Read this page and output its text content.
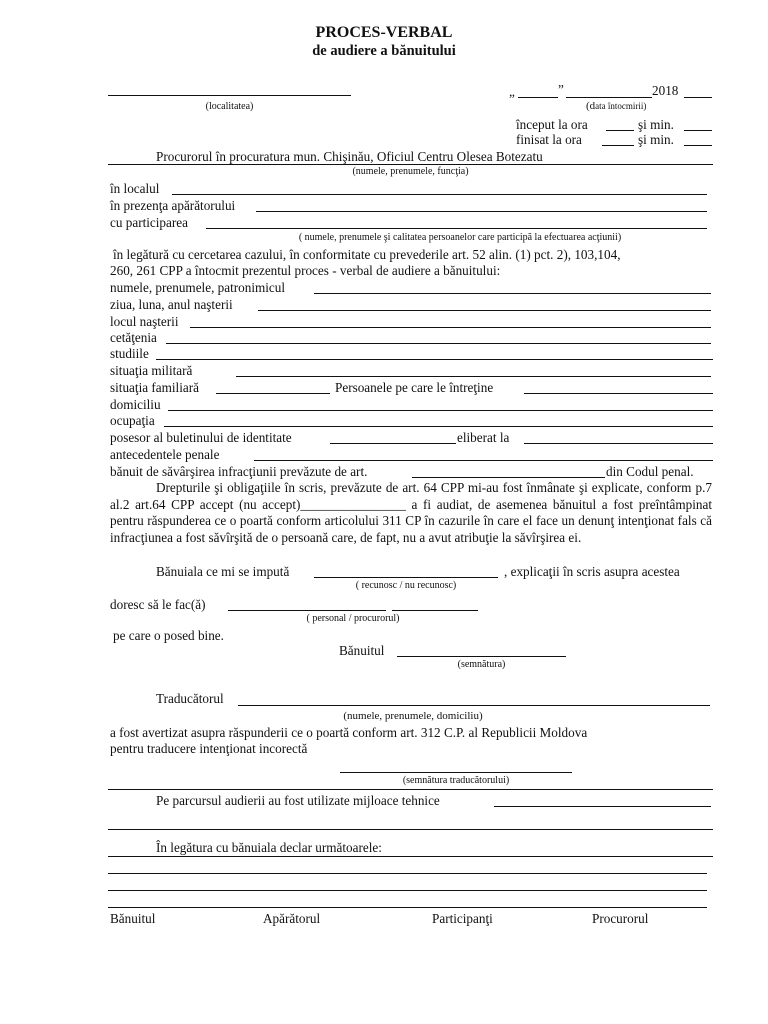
PROCES-VERBAL
de audiere a bănuitului
(localitatea)
„	”	2018
(data întocmirii)
început la ora	şi min.
finisat la ora	şi min.
Procurorul în procuratura mun. Chişinău, Oficiul Centru Olesea Botezatu
(numele, prenumele, funcţia)
în localul
în prezenţa apărătorului
cu participarea
( numele, prenumele şi calitatea persoanelor care participă la efectuarea acţiunii)
în legătură cu cercetarea cazului, în conformitate cu prevederile art. 52 alin. (1) pct. 2), 103,104,
260, 261 CPP a întocmit prezentul proces - verbal de audiere a bănuitului:
numele, prenumele, patronimicul
ziua, luna, anul naşterii
locul naşterii
cetăţenia
studiile
situaţia militară
situaţia familiară	Persoanele pe care le întreţine
domiciliu
ocupaţia
posesor al buletinului de identitate	eliberat la
antecedentele penale
bănuit de săvârşirea infracţiunii prevăzute de art.	din Codul penal.
Drepturile şi obligaţiile în scris, prevăzute de art. 64 CPP mi-au fost înmânate şi explicate, conform p.7 al.2 art.64 CPP accept (nu accept)________________ a fi audiat, de asemenea bănuitul a fost preîntâmpinat pentru răspunderea ce o poartă conform articolului 311 CP în cazurile în care el face un denunţ intenţionat fals că infracţiunea a fost săvîrşită de o persoană care, de fapt, nu a avut atribuţie la săvîrşirea ei.
Bănuiala ce mi se impută	, explicaţii în scris asupra acestea
( recunosc / nu recunosc)
doresc să le fac(ă)
( personal / procurorul)
pe care o posed bine.
Bănuitul
(semnătura)
Traducătorul
(numele, prenumele, domiciliu)
a fost avertizat asupra răspunderii ce o poartă conform art. 312 C.P. al Republicii Moldova
pentru traducere intenţionat incorectă
(semnătura traducătorului)
Pe parcursul audierii au fost utilizate mijloace tehnice
În legătura cu bănuiala declar următoarele:
Bănuitul	Apărătorul	Participanţi	Procurorul
